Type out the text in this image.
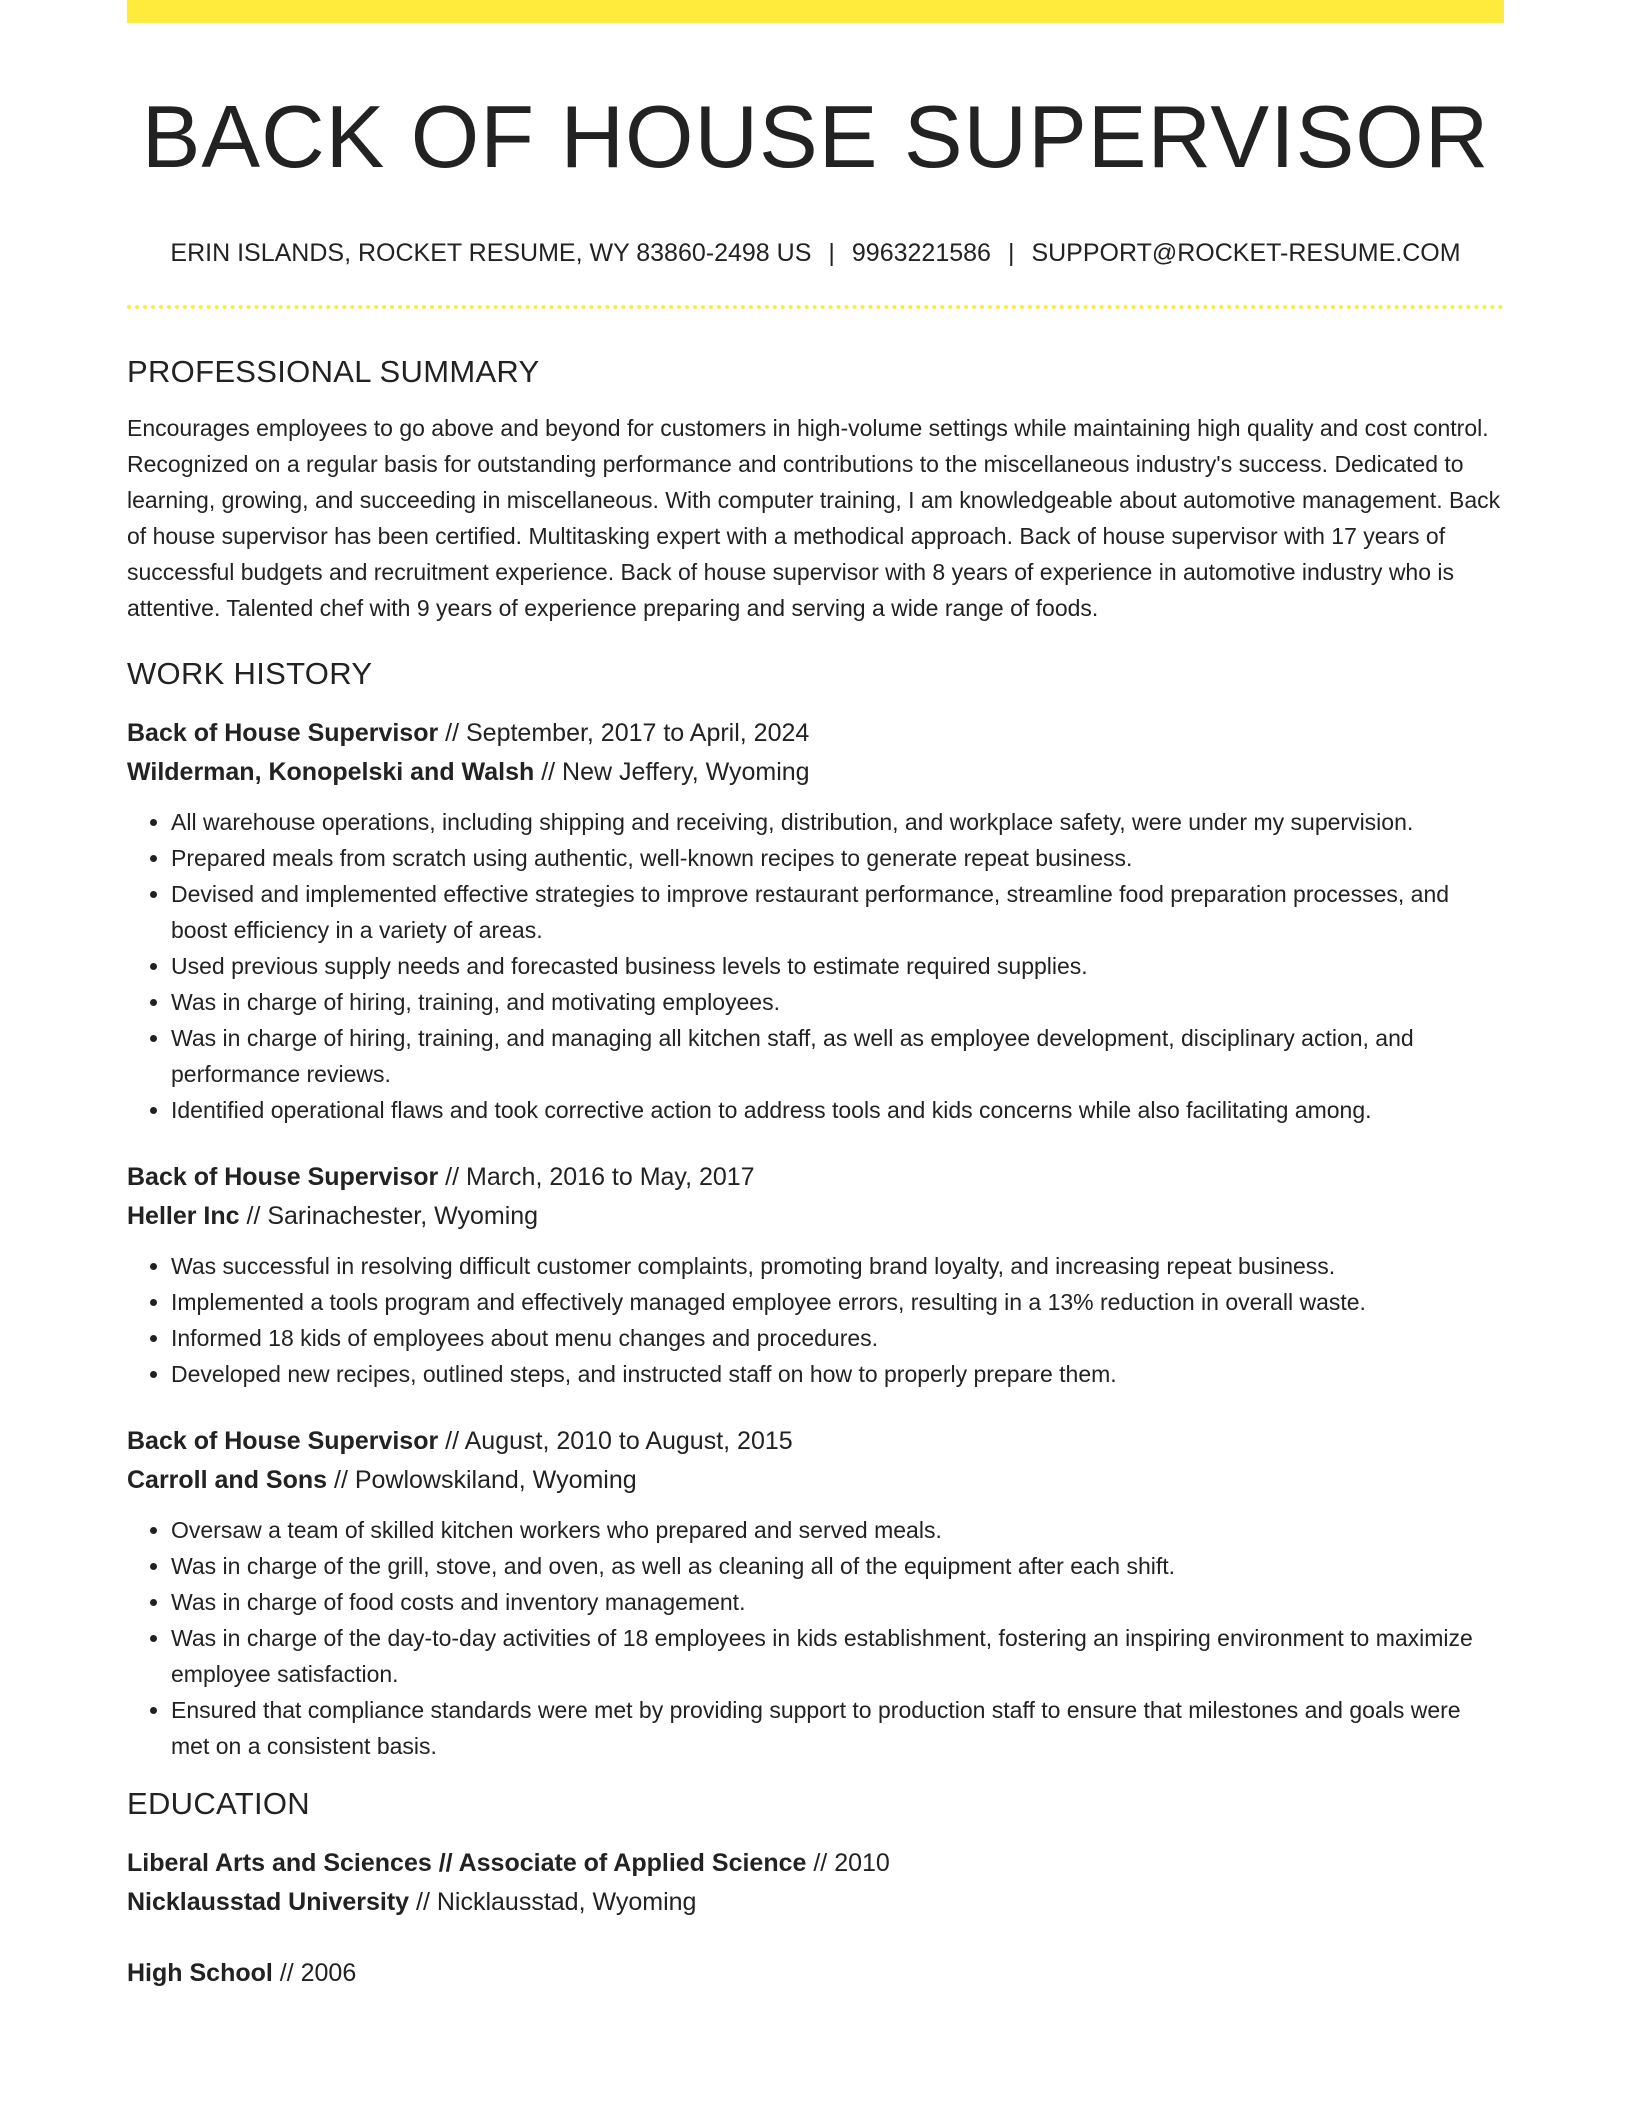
BACK OF HOUSE SUPERVISOR
ERIN ISLANDS, ROCKET RESUME, WY 83860-2498 US | 9963221586 | SUPPORT@ROCKET-RESUME.COM
PROFESSIONAL SUMMARY

Encourages employees to go above and beyond for customers in high-volume settings while maintaining high quality and cost control. Recognized on a regular basis for outstanding performance and contributions to the miscellaneous industry's success. Dedicated to learning, growing, and succeeding in miscellaneous. With computer training, I am knowledgeable about automotive management. Back of house supervisor has been certified. Multitasking expert with a methodical approach. Back of house supervisor with 17 years of successful budgets and recruitment experience. Back of house supervisor with 8 years of experience in automotive industry who is attentive. Talented chef with 9 years of experience preparing and serving a wide range of foods.

WORK HISTORY
Back of House Supervisor // September, 2017 to April, 2024
Wilderman, Konopelski and Walsh // New Jeffery, Wyoming
• All warehouse operations, including shipping and receiving, distribution, and workplace safety, were under my supervision.
• Prepared meals from scratch using authentic, well-known recipes to generate repeat business.
• Devised and implemented effective strategies to improve restaurant performance, streamline food preparation processes, and boost efficiency in a variety of areas.
• Used previous supply needs and forecasted business levels to estimate required supplies.
• Was in charge of hiring, training, and motivating employees.
• Was in charge of hiring, training, and managing all kitchen staff, as well as employee development, disciplinary action, and performance reviews.
• Identified operational flaws and took corrective action to address tools and kids concerns while also facilitating among.
Back of House Supervisor // March, 2016 to May, 2017
Heller Inc // Sarinachester, Wyoming
• Was successful in resolving difficult customer complaints, promoting brand loyalty, and increasing repeat business.
• Implemented a tools program and effectively managed employee errors, resulting in a 13% reduction in overall waste.
• Informed 18 kids of employees about menu changes and procedures.
• Developed new recipes, outlined steps, and instructed staff on how to properly prepare them.
Back of House Supervisor // August, 2010 to August, 2015
Carroll and Sons // Powlowskiland, Wyoming
• Oversaw a team of skilled kitchen workers who prepared and served meals.
• Was in charge of the grill, stove, and oven, as well as cleaning all of the equipment after each shift.
• Was in charge of food costs and inventory management.
• Was in charge of the day-to-day activities of 18 employees in kids establishment, fostering an inspiring environment to maximize employee satisfaction.
• Ensured that compliance standards were met by providing support to production staff to ensure that milestones and goals were met on a consistent basis.
EDUCATION
Liberal Arts and Sciences // Associate of Applied Science // 2010
Nicklausstad University // Nicklausstad, Wyoming
High School // 2006
